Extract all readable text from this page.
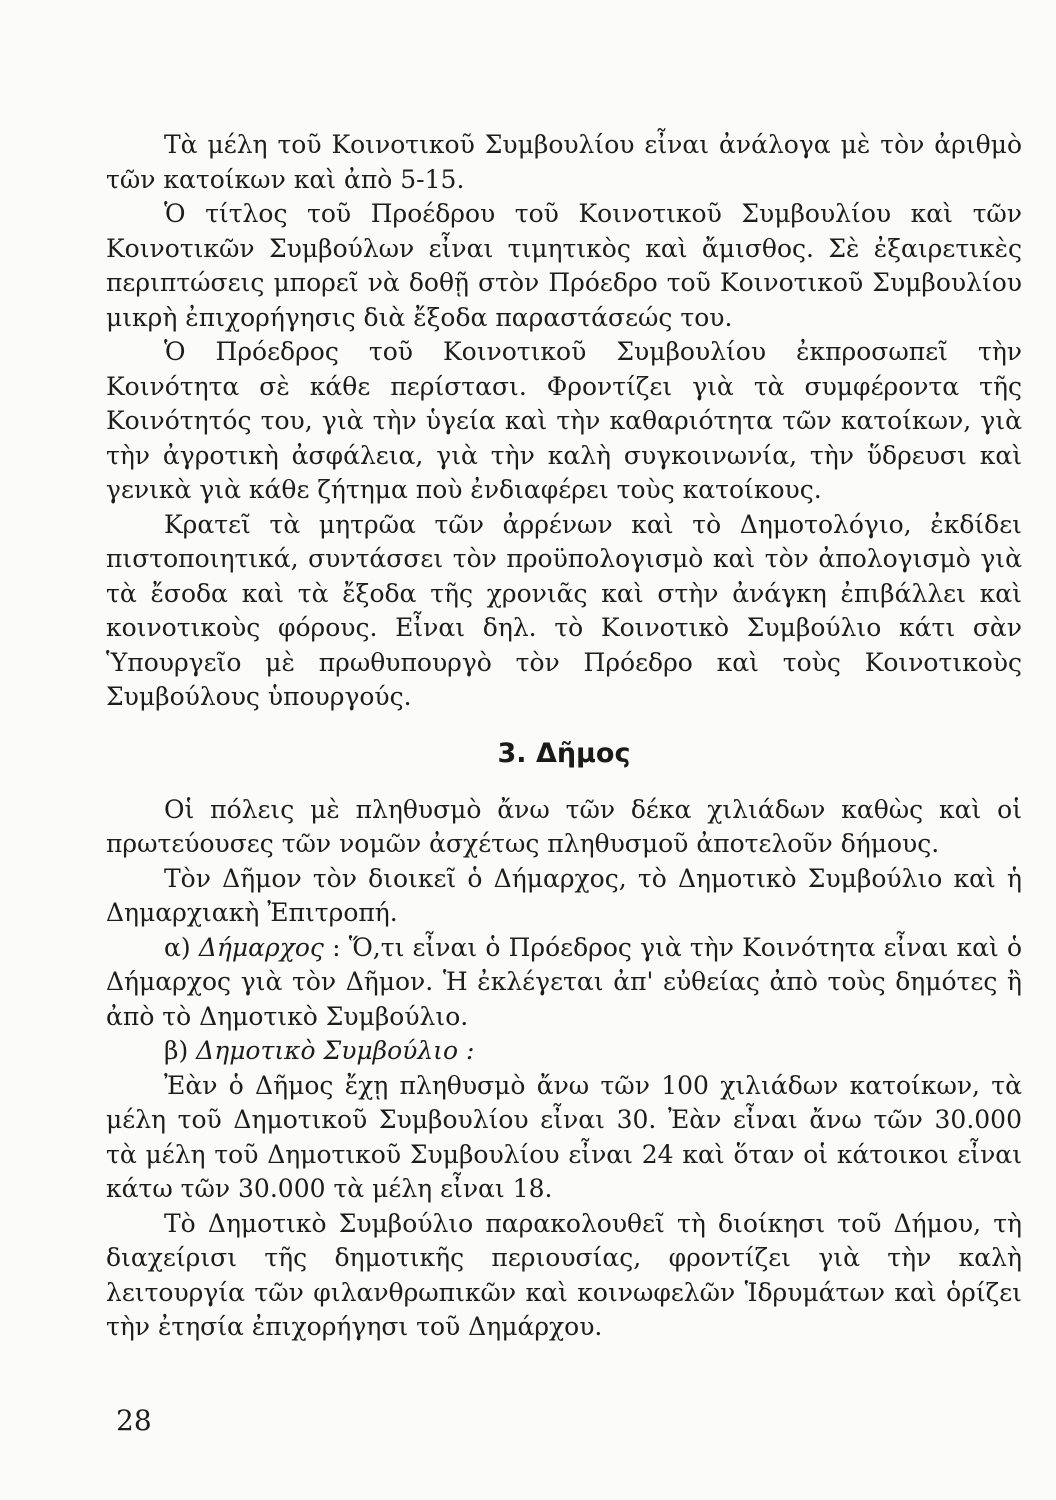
Τὰ μέλη τοῦ Κοινοτικοῦ Συμβουλίου εἶναι ἀνάλογα μὲ τὸν ἀριθμὸ τῶν κατοίκων καὶ ἀπὸ 5-15.

Ὁ τίτλος τοῦ Προέδρου τοῦ Κοινοτικοῦ Συμβουλίου καὶ τῶν Κοινοτικῶν Συμβούλων εἶναι τιμητικὸς καὶ ἄμισθος. Σὲ ἐξαιρετικὲς περιπτώσεις μπορεῖ νὰ δοθῇ στὸν Πρόεδρο τοῦ Κοινοτικοῦ Συμβουλίου μικρὴ ἐπιχορήγησις διὰ ἔξοδα παραστάσεώς του.

Ὁ Πρόεδρος τοῦ Κοινοτικοῦ Συμβουλίου ἐκπροσωπεῖ τὴν Κοινότητα σὲ κάθε περίστασι. Φροντίζει γιὰ τὰ συμφέροντα τῆς Κοινότητός του, γιὰ τὴν ὑγεία καὶ τὴν καθαριότητα τῶν κατοίκων, γιὰ τὴν ἀγροτικὴ ἀσφάλεια, γιὰ τὴν καλὴ συγκοινωνία, τὴν ὕδρευσι καὶ γενικὰ γιὰ κάθε ζήτημα ποὺ ἐνδιαφέρει τοὺς κατοίκους.

Κρατεῖ τὰ μητρῶα τῶν ἀρρένων καὶ τὸ Δημοτολόγιο, ἐκδίδει πιστοποιητικά, συντάσσει τὸν προϋπολογισμὸ καὶ τὸν ἀπολογισμὸ γιὰ τὰ ἔσοδα καὶ τὰ ἔξοδα τῆς χρονιᾶς καὶ στὴν ἀνάγκη ἐπιβάλλει καὶ κοινοτικοὺς φόρους. Εἶναι δηλ. τὸ Κοινοτικὸ Συμβούλιο κάτι σὰν Ὑπουργεῖο μὲ πρωθυπουργὸ τὸν Πρόεδρο καὶ τοὺς Κοινοτικοὺς Συμβούλους ὑπουργούς.

3. Δῆμος

Οἱ πόλεις μὲ πληθυσμὸ ἄνω τῶν δέκα χιλιάδων καθὼς καὶ οἱ πρωτεύουσες τῶν νομῶν ἀσχέτως πληθυσμοῦ ἀποτελοῦν δήμους.

Τὸν Δῆμον τὸν διοικεῖ ὁ Δήμαρχος, τὸ Δημοτικὸ Συμβούλιο καὶ ἡ Δημαρχιακὴ Ἐπιτροπή.

α) Δήμαρχος : Ὅ,τι εἶναι ὁ Πρόεδρος γιὰ τὴν Κοινότητα εἶναι καὶ ὁ Δήμαρχος γιὰ τὸν Δῆμον. Ἡ ἐκλέγεται ἀπ' εὐθείας ἀπὸ τοὺς δημότες ἢ ἀπὸ τὸ Δημοτικὸ Συμβούλιο.

β) Δημοτικὸ Συμβούλιο :

Ἐὰν ὁ Δῆμος ἔχῃ πληθυσμὸ ἄνω τῶν 100 χιλιάδων κατοίκων, τὰ μέλη τοῦ Δημοτικοῦ Συμβουλίου εἶναι 30. Ἐὰν εἶναι ἄνω τῶν 30.000 τὰ μέλη τοῦ Δημοτικοῦ Συμβουλίου εἶναι 24 καὶ ὅταν οἱ κάτοικοι εἶναι κάτω τῶν 30.000 τὰ μέλη εἶναι 18.

Τὸ Δημοτικὸ Συμβούλιο παρακολουθεῖ τὴ διοίκησι τοῦ Δήμου, τὴ διαχείρισι τῆς δημοτικῆς περιουσίας, φροντίζει γιὰ τὴν καλὴ λειτουργία τῶν φιλανθρωπικῶν καὶ κοινωφελῶν Ἱδρυμάτων καὶ ὁρίζει τὴν ἐτησία ἐπιχορήγησι τοῦ Δημάρχου.

28
